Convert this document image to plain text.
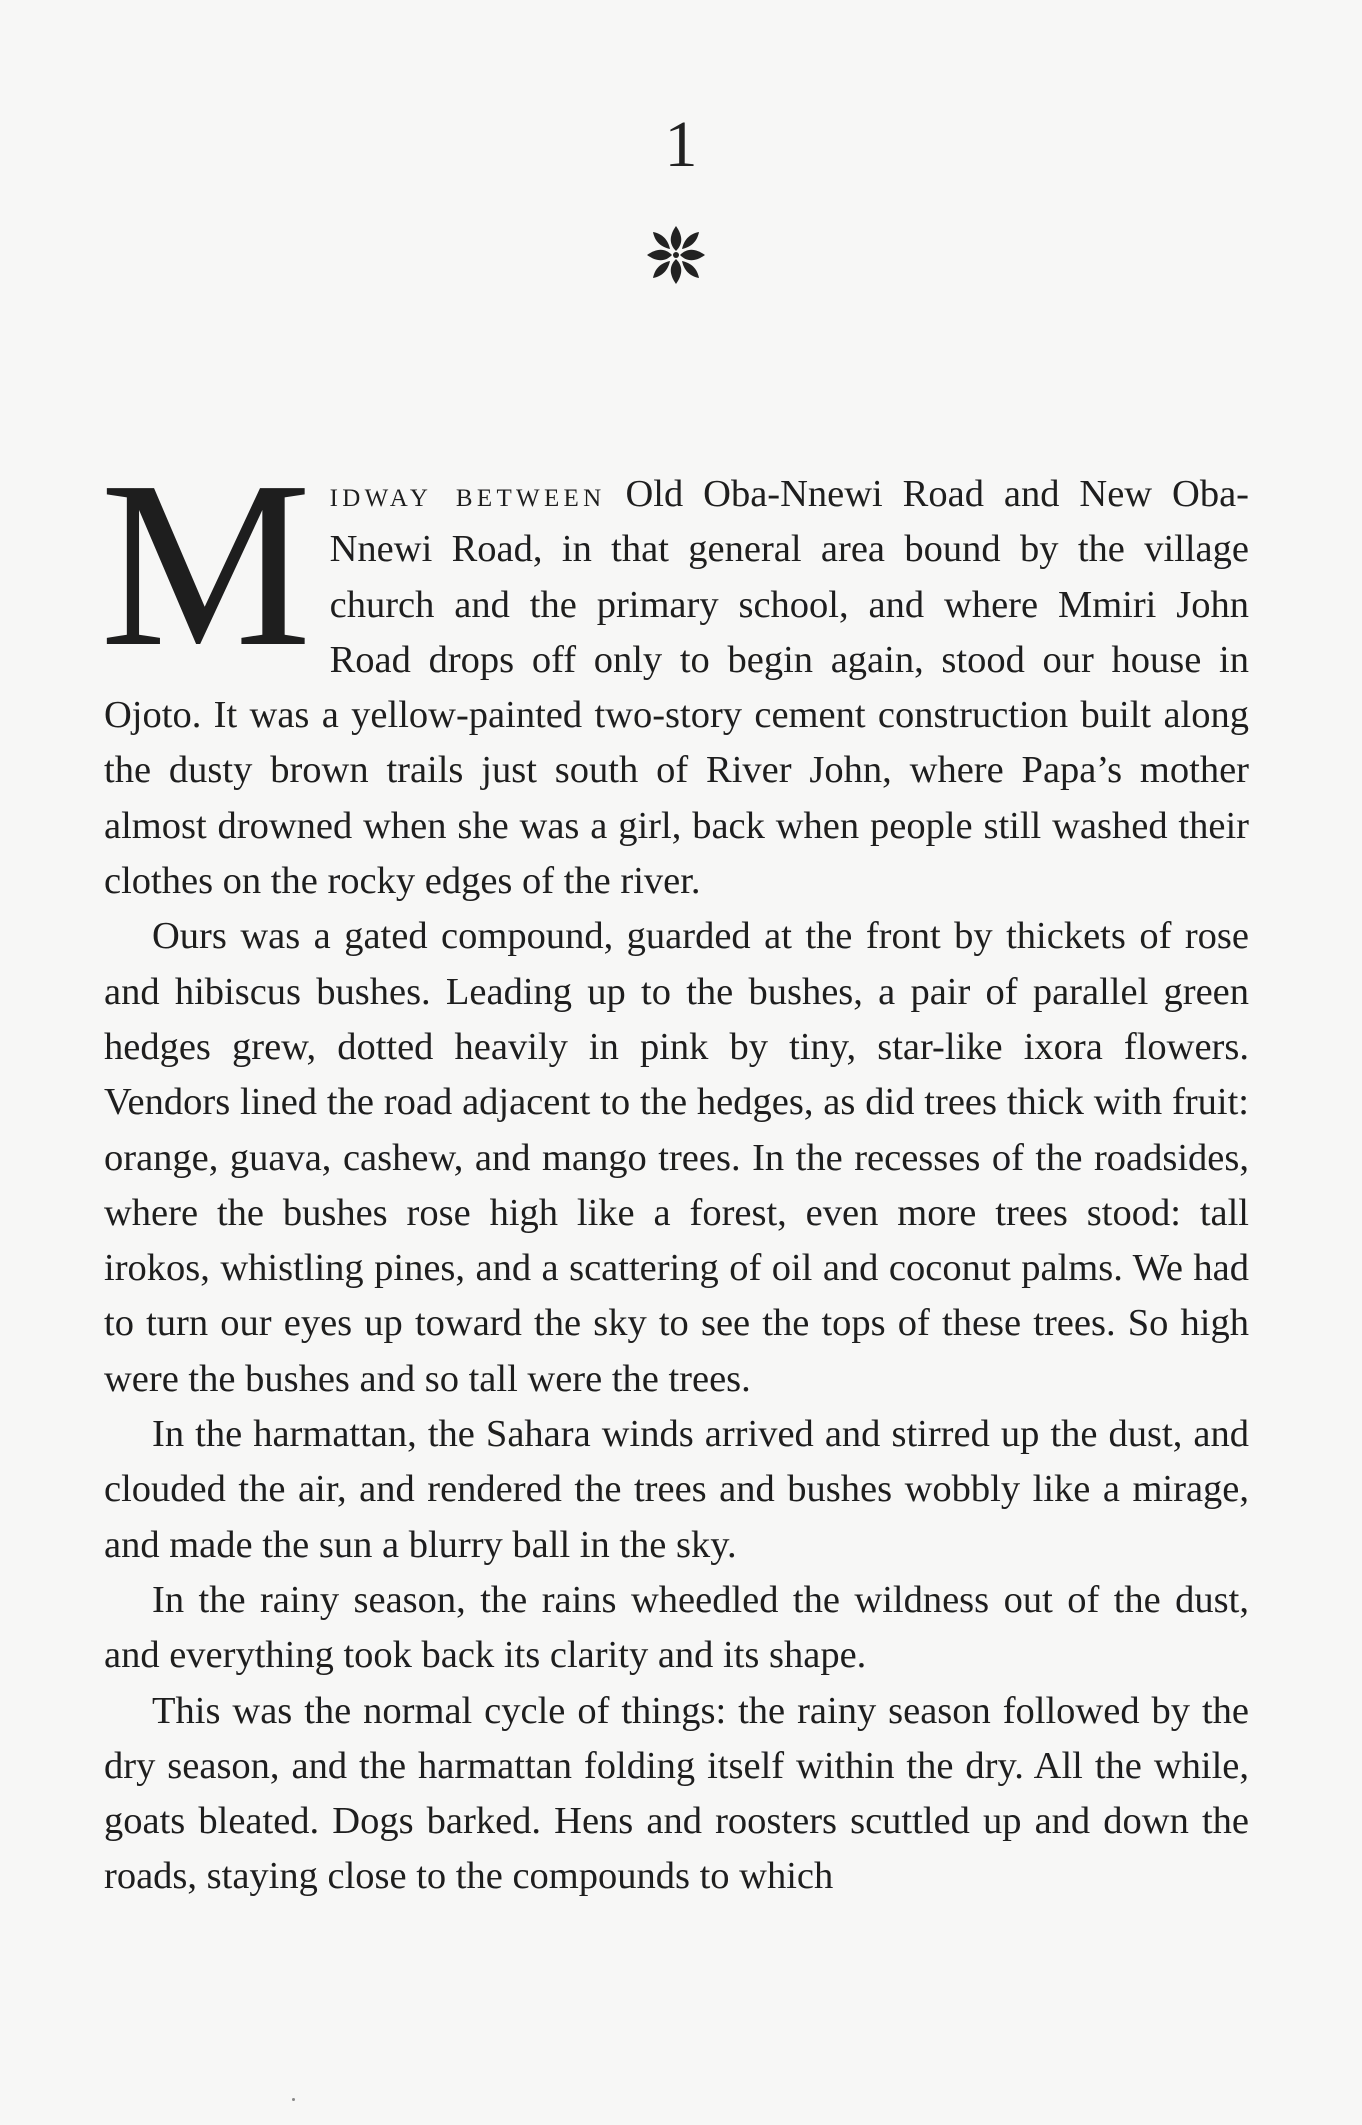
1

Midway between Old Oba-Nnewi Road and New Oba-Nnewi Road, in that general area bound by the village church and the primary school, and where Mmiri John Road drops off only to begin again, stood our house in Ojoto. It was a yellow-painted two-story cement construction built along the dusty brown trails just south of River John, where Papa’s mother almost drowned when she was a girl, back when people still washed their clothes on the rocky edges of the river.

Ours was a gated compound, guarded at the front by thickets of rose and hibiscus bushes. Leading up to the bushes, a pair of parallel green hedges grew, dotted heavily in pink by tiny, star-like ixora flowers. Vendors lined the road adjacent to the hedges, as did trees thick with fruit: orange, guava, cashew, and mango trees. In the recesses of the roadsides, where the bushes rose high like a forest, even more trees stood: tall irokos, whistling pines, and a scattering of oil and coconut palms. We had to turn our eyes up toward the sky to see the tops of these trees. So high were the bushes and so tall were the trees.

In the harmattan, the Sahara winds arrived and stirred up the dust, and clouded the air, and rendered the trees and bushes wobbly like a mirage, and made the sun a blurry ball in the sky.

In the rainy season, the rains wheedled the wildness out of the dust, and everything took back its clarity and its shape.

This was the normal cycle of things: the rainy season followed by the dry season, and the harmattan folding itself within the dry. All the while, goats bleated. Dogs barked. Hens and roosters scuttled up and down the roads, staying close to the compounds to which
